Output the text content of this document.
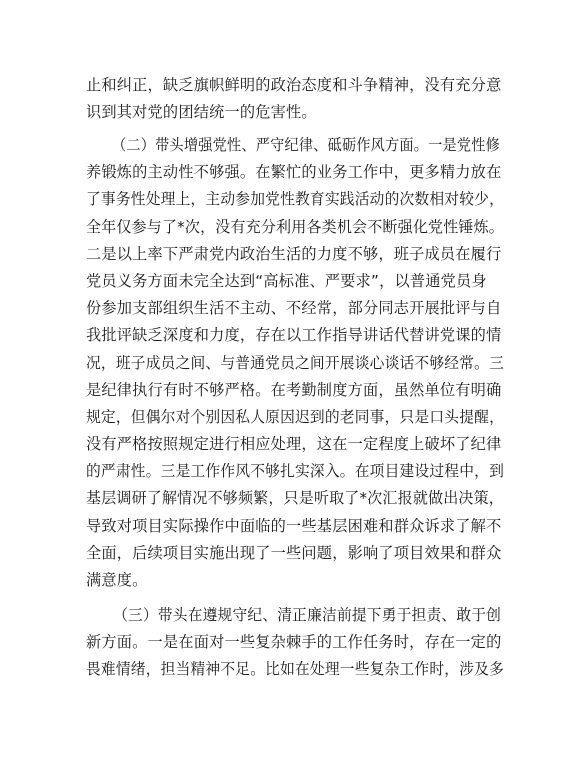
止和纠正，缺乏旗帜鲜明的政治态度和斗争精神，没有充分意
识到其对党的团结统一的危害性。
（二）带头增强党性、严守纪律、砥砺作风方面。一是党性修
养锻炼的主动性不够强。在繁忙的业务工作中，更多精力放在
了事务性处理上，主动参加党性教育实践活动的次数相对较少，
全年仅参与了*次，没有充分利用各类机会不断强化党性锤炼。
二是以上率下严肃党内政治生活的力度不够，班子成员在履行
党员义务方面未完全达到“高标准、严要求”，以普通党员身
份参加支部组织生活不主动、不经常，部分同志开展批评与自
我批评缺乏深度和力度，存在以工作指导讲话代替讲党课的情
况，班子成员之间、与普通党员之间开展谈心谈话不够经常。三
是纪律执行有时不够严格。在考勤制度方面，虽然单位有明确
规定，但偶尔对个别因私人原因迟到的老同事，只是口头提醒，
没有严格按照规定进行相应处理，这在一定程度上破坏了纪律
的严肃性。三是工作作风不够扎实深入。在项目建设过程中，到
基层调研了解情况不够频繁，只是听取了*次汇报就做出决策，
导致对项目实际操作中面临的一些基层困难和群众诉求了解不
全面，后续项目实施出现了一些问题，影响了项目效果和群众
满意度。
（三）带头在遵规守纪、清正廉洁前提下勇于担责、敢于创
新方面。一是在面对一些复杂棘手的工作任务时，存在一定的
畏难情绪，担当精神不足。比如在处理一些复杂工作时，涉及多
